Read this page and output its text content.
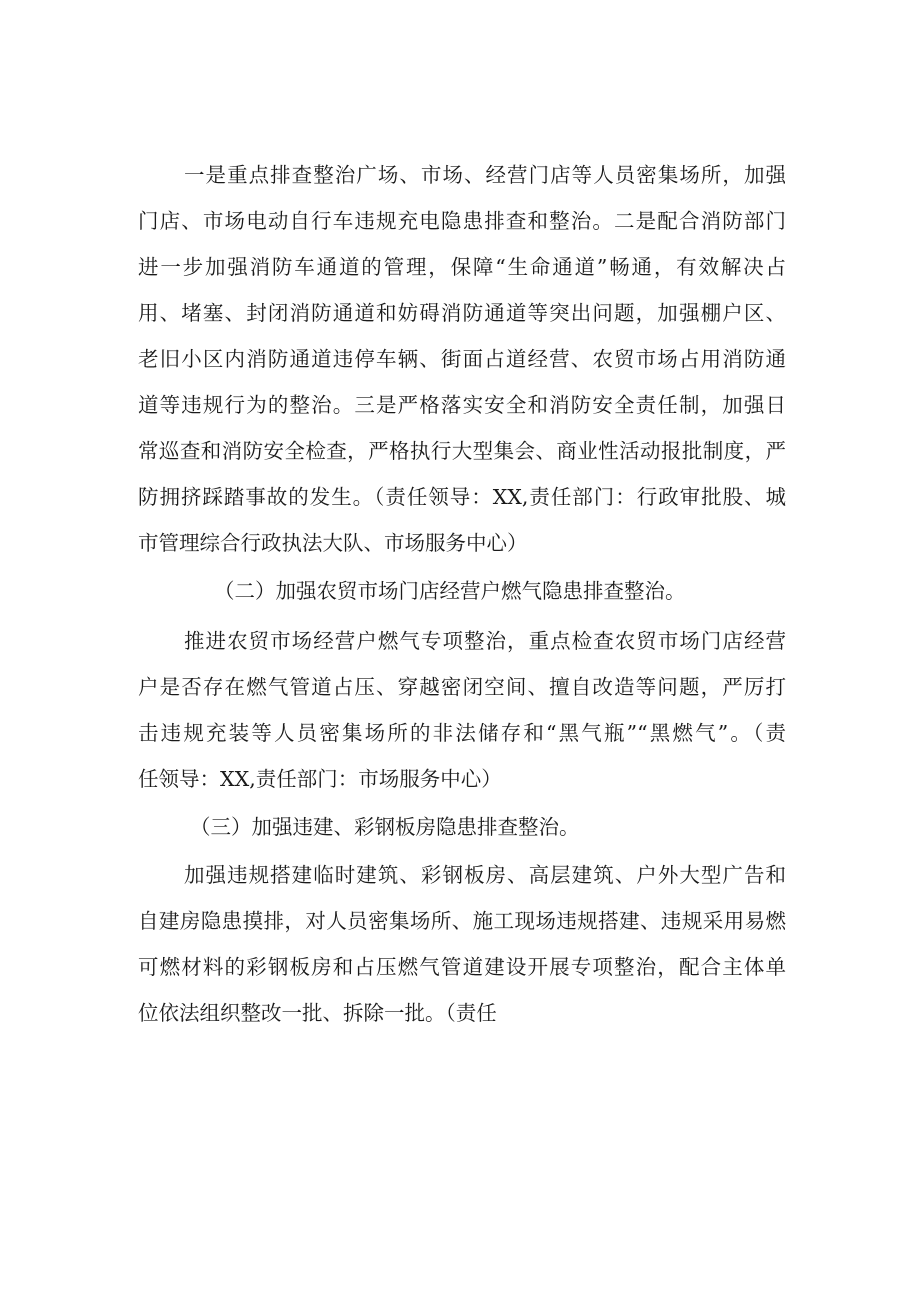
一是重点排查整治广场、市场、经营门店等人员密集场所，加强
门店、市场电动自行车违规充电隐患排查和整治。二是配合消防部门
进一步加强消防车通道的管理，保障“生命通道”畅通，有效解决占
用、堵塞、封闭消防通道和妨碍消防通道等突出问题，加强棚户区、
老旧小区内消防通道违停车辆、街面占道经营、农贸市场占用消防通
道等违规行为的整治。三是严格落实安全和消防安全责任制，加强日
常巡查和消防安全检查，严格执行大型集会、商业性活动报批制度，严
防拥挤踩踏事故的发生。（责任领导：XX,责任部门：行政审批股、城
市管理综合行政执法大队、市场服务中心）
（二）加强农贸市场门店经营户燃气隐患排查整治。
推进农贸市场经营户燃气专项整治，重点检查农贸市场门店经营
户是否存在燃气管道占压、穿越密闭空间、擅自改造等问题，严厉打
击违规充装等人员密集场所的非法储存和“黑气瓶”“黑燃气”。（责
任领导：XX,责任部门：市场服务中心）
（三）加强违建、彩钢板房隐患排查整治。
加强违规搭建临时建筑、彩钢板房、高层建筑、户外大型广告和
自建房隐患摸排，对人员密集场所、施工现场违规搭建、违规采用易燃
可燃材料的彩钢板房和占压燃气管道建设开展专项整治，配合主体单
位依法组织整改一批、拆除一批。（责任
